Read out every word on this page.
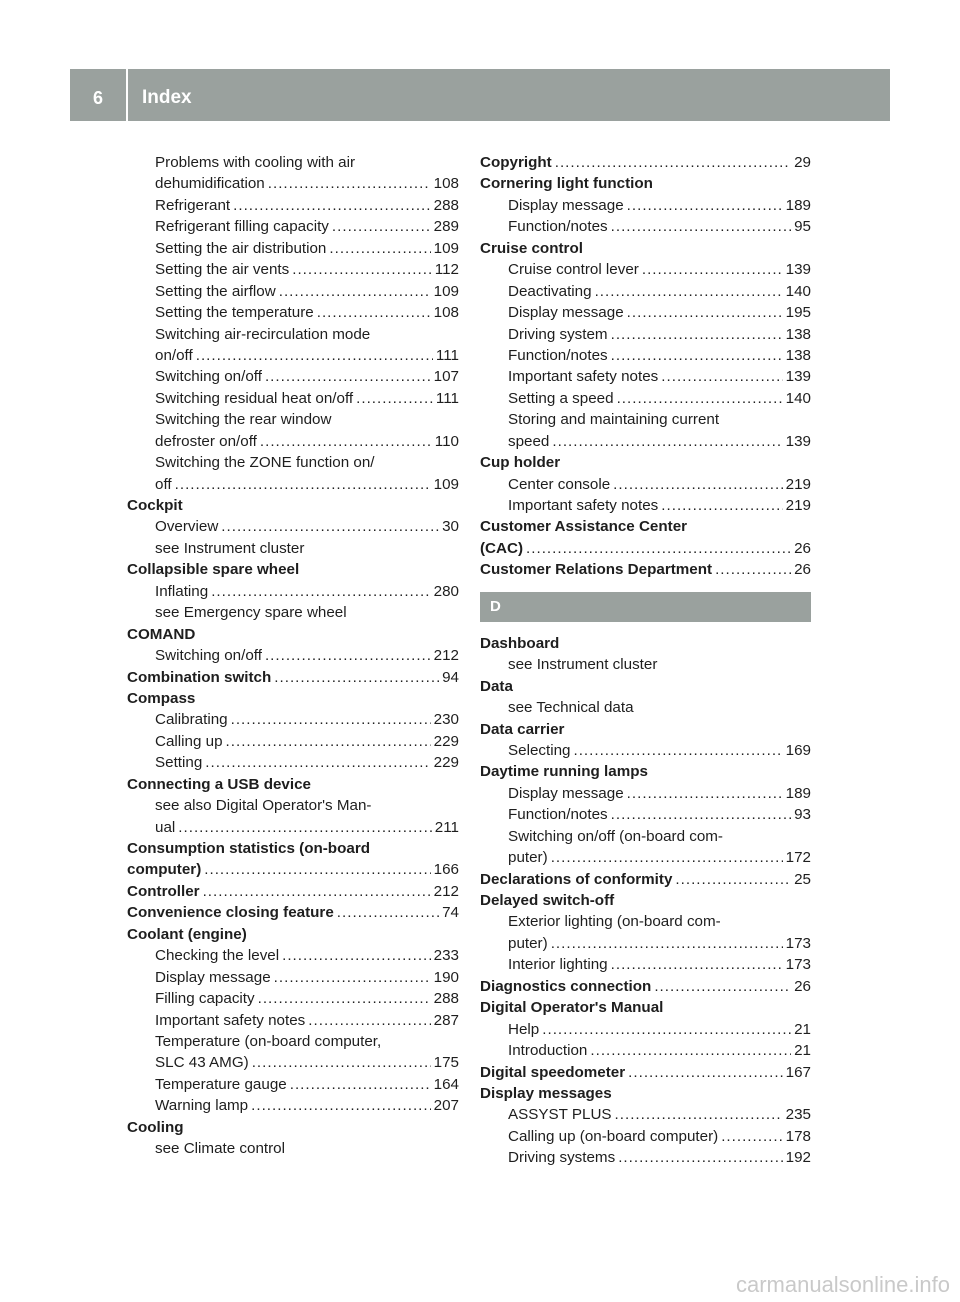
6	Index
Problems with cooling with air
dehumidification .....	108
Refrigerant .....	288
Refrigerant filling capacity .....	289
Setting the air distribution .....	109
Setting the air vents .....	112
Setting the airflow .....	109
Setting the temperature .....	108
Switching air-recirculation mode
on/off .....	111
Switching on/off .....	107
Switching residual heat on/off .....	111
Switching the rear window
defroster on/off .....	110
Switching the ZONE function on/
off .....	109
Cockpit
Overview .....	30
see Instrument cluster
Collapsible spare wheel
Inflating .....	280
see Emergency spare wheel
COMAND
Switching on/off .....	212
Combination switch .....	94
Compass
Calibrating .....	230
Calling up .....	229
Setting .....	229
Connecting a USB device
see also Digital Operator's Man-
ual .....	211
Consumption statistics (on-board
computer) .....	166
Controller .....	212
Convenience closing feature .....	74
Coolant (engine)
Checking the level .....	233
Display message .....	190
Filling capacity .....	288
Important safety notes .....	287
Temperature (on-board computer,
SLC 43 AMG) .....	175
Temperature gauge .....	164
Warning lamp .....	207
Cooling
see Climate control
Copyright .....	29
Cornering light function
Display message .....	189
Function/notes .....	95
Cruise control
Cruise control lever .....	139
Deactivating .....	140
Display message .....	195
Driving system .....	138
Function/notes .....	138
Important safety notes .....	139
Setting a speed .....	140
Storing and maintaining current
speed .....	139
Cup holder
Center console .....	219
Important safety notes .....	219
Customer Assistance Center
(CAC) .....	26
Customer Relations Department .....	26
D
Dashboard
see Instrument cluster
Data
see Technical data
Data carrier
Selecting .....	169
Daytime running lamps
Display message .....	189
Function/notes .....	93
Switching on/off (on-board com-
puter) .....	172
Declarations of conformity .....	25
Delayed switch-off
Exterior lighting (on-board com-
puter) .....	173
Interior lighting .....	173
Diagnostics connection .....	26
Digital Operator's Manual
Help .....	21
Introduction .....	21
Digital speedometer .....	167
Display messages
ASSYST PLUS .....	235
Calling up (on-board computer) .....	178
Driving systems .....	192
carmanualsonline.info
